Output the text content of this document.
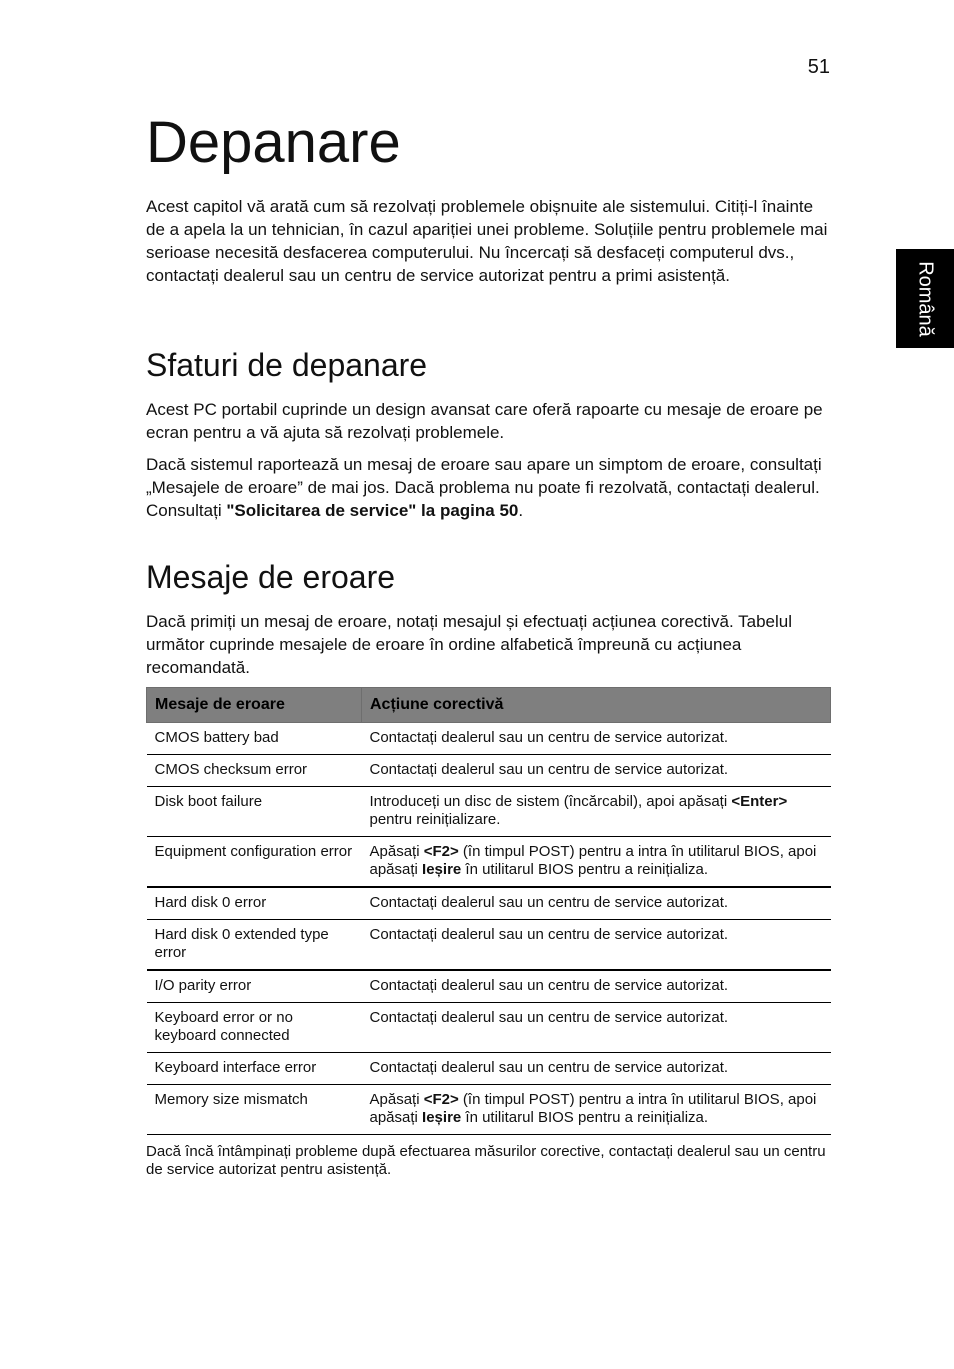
51
Română
Depanare

Acest capitol vă arată cum să rezolvați problemele obișnuite ale sistemului. Citiți-l înainte de a apela la un tehnician, în cazul apariției unei probleme. Soluțiile pentru problemele mai serioase necesită desfacerea computerului. Nu încercați să desfaceți computerul dvs., contactați dealerul sau un centru de service autorizat pentru a primi asistență.

Sfaturi de depanare

Acest PC portabil cuprinde un design avansat care oferă rapoarte cu mesaje de eroare pe ecran pentru a vă ajuta să rezolvați problemele.

Dacă sistemul raportează un mesaj de eroare sau apare un simptom de eroare, consultați „Mesajele de eroare” de mai jos. Dacă problema nu poate fi rezolvată, contactați dealerul. Consultați "Solicitarea de service" la pagina 50.

Mesaje de eroare

Dacă primiți un mesaj de eroare, notați mesajul și efectuați acțiunea corectivă. Tabelul următor cuprinde mesajele de eroare în ordine alfabetică împreună cu acțiunea recomandată.

Mesaje de eroare	Acțiune corectivă
CMOS battery bad	Contactați dealerul sau un centru de service autorizat.
CMOS checksum error	Contactați dealerul sau un centru de service autorizat.
Disk boot failure	Introduceți un disc de sistem (încărcabil), apoi apăsați <Enter> pentru reinițializare.
Equipment configuration error	Apăsați <F2> (în timpul POST) pentru a intra în utilitarul BIOS, apoi apăsați Ieșire în utilitarul BIOS pentru a reinițializa.
Hard disk 0 error	Contactați dealerul sau un centru de service autorizat.
Hard disk 0 extended type error	Contactați dealerul sau un centru de service autorizat.
I/O parity error	Contactați dealerul sau un centru de service autorizat.
Keyboard error or no keyboard connected	Contactați dealerul sau un centru de service autorizat.
Keyboard interface error	Contactați dealerul sau un centru de service autorizat.
Memory size mismatch	Apăsați <F2> (în timpul POST) pentru a intra în utilitarul BIOS, apoi apăsați Ieșire în utilitarul BIOS pentru a reinițializa.
Dacă încă întâmpinați probleme după efectuarea măsurilor corective, contactați dealerul sau un centru de service autorizat pentru asistență.
